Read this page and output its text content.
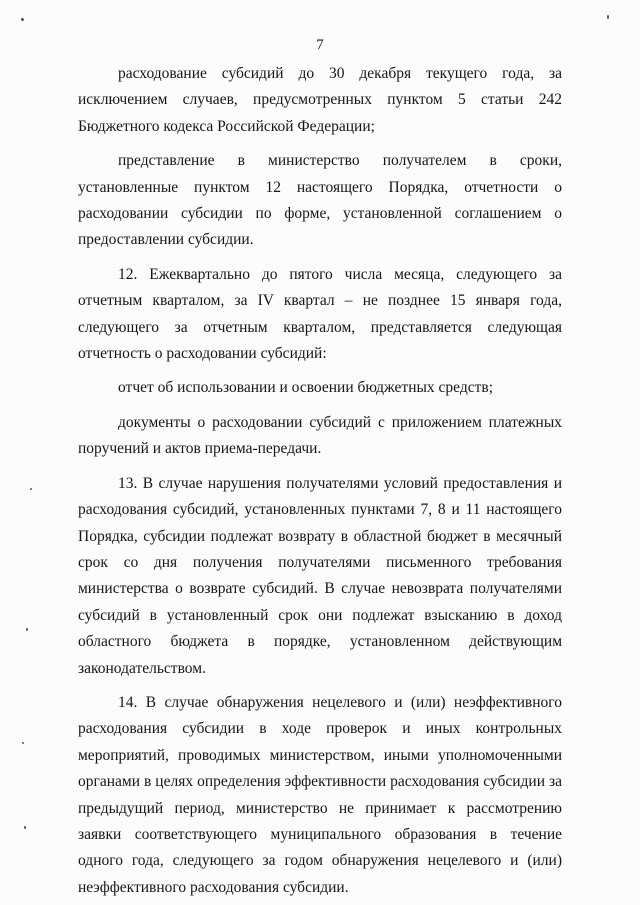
7

расходование субсидий до 30 декабря текущего года, за исключением случаев, предусмотренных пунктом 5 статьи 242 Бюджетного кодекса Российской Федерации;

представление в министерство получателем в сроки, установленные пунктом 12 настоящего Порядка, отчетности о расходовании субсидии по форме, установленной соглашением о предоставлении субсидии.

12. Ежеквартально до пятого числа месяца, следующего за отчетным кварталом, за IV квартал – не позднее 15 января года, следующего за отчетным кварталом, представляется следующая отчетность о расходовании субсидий:

отчет об использовании и освоении бюджетных средств;

документы о расходовании субсидий с приложением платежных поручений и актов приема-передачи.

13. В случае нарушения получателями условий предоставления и расходования субсидий, установленных пунктами 7, 8 и 11 настоящего Порядка, субсидии подлежат возврату в областной бюджет в месячный срок со дня получения получателями письменного требования министерства о возврате субсидий. В случае невозврата получателями субсидий в установленный срок они подлежат взысканию в доход областного бюджета в порядке, установленном действующим законодательством.

14. В случае обнаружения нецелевого и (или) неэффективного расходования субсидии в ходе проверок и иных контрольных мероприятий, проводимых министерством, иными уполномоченными органами в целях определения эффективности расходования субсидии за предыдущий период, министерство не принимает к рассмотрению заявки соответствующего муниципального образования в течение одного года, следующего за годом обнаружения нецелевого и (или) неэффективного расходования субсидии.
